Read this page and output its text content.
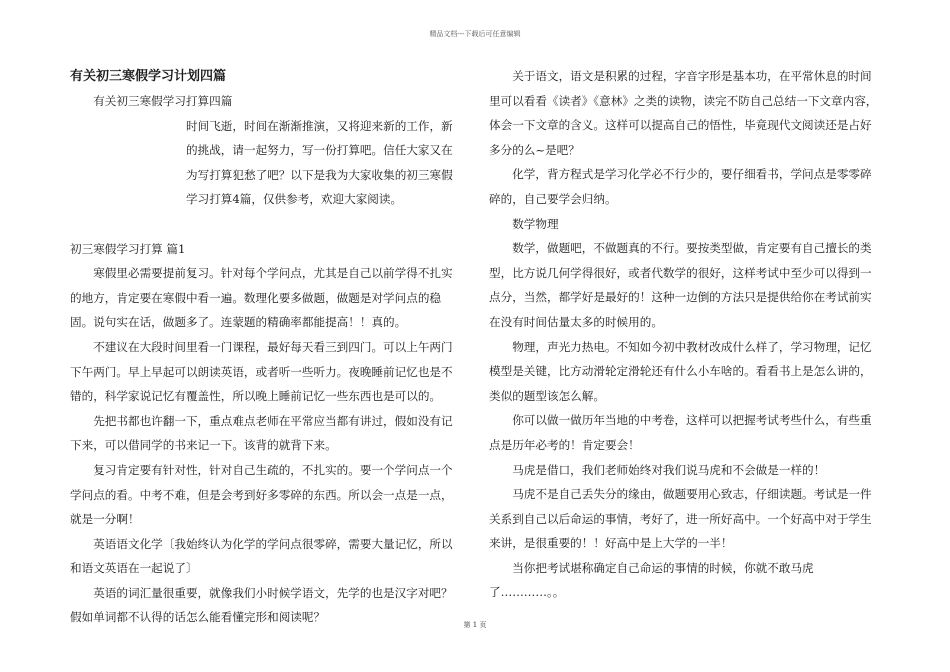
精品文档---下载后可任意编辑

有关初三寒假学习计划四篇

有关初三寒假学习打算四篇

时间飞逝，时间在渐渐推演，又将迎来新的工作，新的挑战，请一起努力，写一份打算吧。信任大家又在为写打算犯愁了吧？以下是我为大家收集的初三寒假学习打算4篇，仅供参考，欢迎大家阅读。

初三寒假学习打算 篇1

寒假里必需要提前复习。针对每个学问点，尤其是自己以前学得不扎实的地方，肯定要在寒假中看一遍。数理化要多做题，做题是对学问点的稳固。说句实在话，做题多了。连蒙题的精确率都能提高！！真的。

不建议在大段时间里看一门课程，最好每天看三到四门。可以上午两门下午两门。早上早起可以朗读英语，或者听一些听力。夜晚睡前记忆也是不错的，科学家说记忆有覆盖性，所以晚上睡前记忆一些东西也是可以的。

先把书都也许翻一下，重点难点老师在平常应当都有讲过，假如没有记下来，可以借同学的书来记一下。该背的就背下来。

复习肯定要有针对性，针对自己生疏的，不扎实的。要一个学问点一个学问点的看。中考不难，但是会考到好多零碎的东西。所以会一点是一点，就是一分啊！

英语语文化学〔我始终认为化学的学问点很零碎，需要大量记忆，所以和语文英语在一起说了〕

英语的词汇量很重要，就像我们小时候学语文，先学的也是汉字对吧？假如单词都不认得的话怎么能看懂完形和阅读呢？

关于语文，语文是积累的过程，字音字形是基本功，在平常休息的时间里可以看看《读者》《意林》之类的读物，读完不防自己总结一下文章内容，体会一下文章的含义。这样可以提高自己的悟性，毕竟现代文阅读还是占好多分的么~是吧？

化学，背方程式是学习化学必不行少的，要仔细看书，学问点是零零碎碎的，自己要学会归纳。

数学物理

数学，做题吧，不做题真的不行。要按类型做，肯定要有自己擅长的类型，比方说几何学得很好，或者代数学的很好，这样考试中至少可以得到一点分，当然，都学好是最好的！这种一边倒的方法只是提供给你在考试前实在没有时间估量太多的时候用的。

物理，声光力热电。不知如今初中教材改成什么样了，学习物理，记忆模型是关键，比方动滑轮定滑轮还有什么小车啥的。看看书上是怎么讲的，类似的题型该怎么解。

你可以做一做历年当地的中考卷，这样可以把握考试考些什么，有些重点是历年必考的！肯定要会！

马虎是借口，我们老师始终对我们说马虎和不会做是一样的！

马虎不是自己丢失分的缘由，做题要用心致志，仔细读题。考试是一件关系到自己以后命运的事情，考好了，进一所好高中。一个好高中对于学生来讲，是很重要的！！好高中是上大学的一半！

当你把考试堪称确定自己命运的事情的时候，你就不敢马虎了…………。。

第 1 页
